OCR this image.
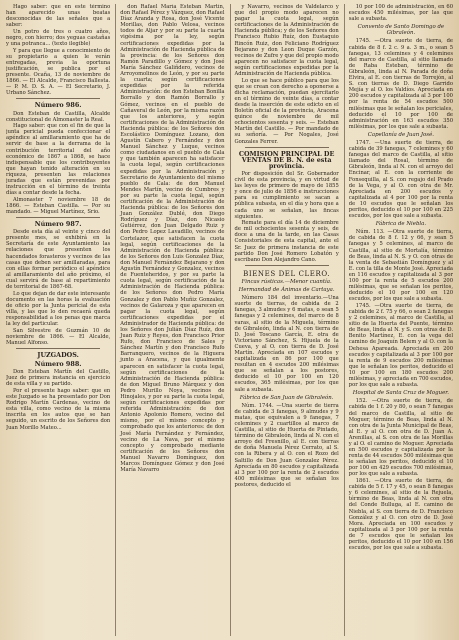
Hago saber: que en este término han aparecido unas beatas desconocidas de las señales que a saber:

Un potro de tres o cuatro años, negro, con hierro; dos yeguas castañas y una potranca... (texto ilegible)

Y para que llegue a conocimiento de su propietario a quien le verán entregadas, previa la oportuna justificación, se publica por el presente. Ocaña, 13 de noviembre de 1866. — El Alcalde, Francisco Ballesta. — P. M. D. S. A. — El Secretario, J. Urbano Sánchez.

Número 986.

Don Esteban de Castilla, Alcalde constitucional de Almonaster la Real.

Hago saber: que con el fin de que la junta pericial pueda confeccionar el apéndice al amillaramiento que ha de servir de base a la derrama de la contribución territorial del año económico de 1867 a 1868, se hace indispensable que los contribuyentes que hayan tenido alteración en su riqueza, presenten las relaciones juradas que están prevenidas por instrucción en el término de treinta días a contar desde la fecha.

Almonaster 7 noviembre 18 de 1866. — Esteban Castilla. — Por su mandado. — Miguel Martínez, Srio.

Número 987.

Desde esta día al veinte y cinco del presente mes, se exhibirá en la Secretaría de este Ayuntamiento las relaciones que presenten los hacendados forasteros y vecinos de las casas que deben ser amillaradas, para con ellas formar periódico el apéndice al amillaramiento del año próximo, el cual servirá de base al repartimiento de territorial de 1867-68.

Lo que dejan de dar este interesante documento en las horas la evaluación de oficio por la Junta pericial de esta villa, y las que lo den recaerá queda responsabilidad a los penas que marca la ley del particular.

San Silvestre de Guzmán 10 de noviembre de 1866. — El Alcalde, Manuel Alfonso.

JUZGADOS.

Número 988.

Don Esteban Martín del Castillo, Juez de primera instancia en ejercicio de esta villa y su partido.

Por el presente hago saber: que en este Juzgado se ha presentado por Don Rodrigo Martín Cárdenas, vecino de esta villa, como vecino de la misma inscrita en los autos que se han seguido, un escrito de los Señores don Juan Morillo Mateo...

don Rafael María Esteban Martín, don Rafael Pérez y Vázquez, don Rafael Díaz Aranda y Rosa, don José Vicente Morillas, don Pablo Velosa, vecinos todos de Aljar y por su parte la cuarta vigésima por la ley, según certificaciones expedidas por la Administración de Hacienda pública de la provincia: de los Señores don Ramón Paradillo y Gómez y don José María Sánchez Galiñdero, vecinos de Arroyomolinos de León, y por su parte la cuarta; según certificaciones expedidas por la referida Administración: de don Esteban Bonilla Borrallo y don Ramón Borrallo y Gómez, vecinos en el pueblo de Cañaveral de León, por la misma razón que los anteriores, y según certificaciones de la Administración de Hacienda pública: de los Señores don Escolástico Domínguez Lozano, don Agustín Cabero y Fernández y don Manuel Sánchez y Luque, vecinos como ciudadanos en el pueblo de Cala y que también aparecen ha satisfacer la cuota legal, según certificaciones expedidas por la Administración y Secretario de Ayuntamiento del mismo pueblo de Cala: de don Manuel Mendes Martín, vecino de Cumbres y por su parte la cuota legal, según certificación de la Administración de Hacienda pública: de los Señores don Juan González Dublé, don Diego Rodríguez y Díaz, don Nicasio Gutiérrez, don Juan Delgado Ruiz y don Pedro Lopez Lavadillo, vecinos de Cortelazor, que satisfacen la cuota legal, según certificaciones de la Administración de Hacienda pública: de los Señores don Luis Gonzalez Díaz, don Manuel Fernández Bejarano y don Agustín Fernández y Gonzalez, vecinos de Fuenteheridos, y por su parte la cuota legal, según certificación de la Administración de Hacienda pública: de los Señores don Pedro María Gonzalez y don Pablo Muñiz Gonzalez, vecinos de Galaroza y que aparecen en pagar la cuota legal, según certificaciones expedidas por el Administrador de Hacienda pública: de los Señores don Julián Díaz Ruíz, don Juan Ruiz y Reyes, don Francisco Prior Rufo, don Francisco de Sales y Sánchez Martín y don Francisco Rufo Barranquero, vecinos de la Higuera junto a Aracena, y que igualmente aparecen en satisfacer la cuota legal, según certificaciones de la Administración de Hacienda pública: de don Miguel Bruno Márquez y don Pedro Murillo Noya, vecinos de Hinojales, y por su parte la cuota legal, según certificaciones expedidas por referida Administración: de don Antonio Apolonio Romero, vecino del mismo, por el mismo concepto y comprobado que los anteriores: de don José María Fernández y Fernández, vecino de La Nava, por el mismo concepto y comprobado mediante certificación de los Señores don Manuel Navarro Domínguez, don Marcos Domínguez Gómez y don José María Navarro

y Navarro, vecinos de Valdelarco y que del propio modo aparecen no pagar la cuota legal, según certificaciones de la Administración de Hacienda pública; y de los Señores don Francisco Rubio Ruíz, don Eustaquio Rincón Ruiz, don Feliciano Rodríguez Bejarano y don Leon Duque Garzón, vecinos de Zufre y que del propio modo aparecen no satisfacer la cuota legal, según certificaciones expedidas por la Administración de Hacienda pública.

Lo que se hace público para que los que se crean con derecho a oponerse a dicha reclamación, puedan ejercitarlo en el término de veinte días, a contar desde la inserción de este edicto en el Boletín oficial de la provincia, Aracena quince de noviembre de mil ochocientos sesenta y seis. — Esteban Martín del Castillo. — Por mandado de su señoría. — Por Nogales, José Gonzales Ferrer.

COMISION PRINCIPAL DE VENTAS DE B. N. de esta provincia.

Por disposición del Sr. Gobernador civil de esta provincia, y en virtud de las leyes de primero de mayo de 1855 y once de julio de 1856 e instrucciones para su cumplimiento se sacan a pública subasta, en el día y hora que a cada uno se señalan, las fincas siguientes.

Remate para el día 14 de diciembre de mil ochocientos sesenta y seis, de doce a una de la tarde, en las Casas Consistoriales de esta capital, ante el Sr. Juez de primera instancia de este partido Don José Romero Lobatón y escribano Don Alejandro Cano.

BIENES DEL CLERO.

Fincas rústicas.—Menor cuantía.

Hermandad de Ánimas de Cartaya.

Número 184 del inventario.—Una suerte de tierras, de cabida de 2 fanegas, 3 almudes y 6 matas, o sean 5 fanegas y 2 celemines, del marco de 8 varas, al sitio de la Miguela, término de Gibraleón, linda al N. con tierra de D. José Toscano García, E. otra de Victoriano Sánchez, S. Hijuela de la Cueva, y al O. con tierra de D. José Martín. Aprecíada en 107 escudos y capitalizada en 86 por 100 que resultan en 4 escudos 200 milésimas que se señalan a los postores, deducido el 10 por 100 en 120 escudos, 365 milésimas, por los que sale a subasta.

Fábrica de San Juan de Gibraleón.

Núm. 1744. —Una suerte de tierra de cabida de 3 fanegas, 9 almudes y 9 matas, que equivalen a 9 fanegas, 7 celemines y 2 cuartillos al marco de Castilla, al sitio de Huerta de Pintado, término de Gibraleón, linda al N. con el arroyo del Fresnillo, al E. con tierras de doña Manuela Pérez Cerrato, al S. con la Ribera y al O. con el Rozo del Saltillo de Don Juan Gonzalez Pérez. Aprecíada en 80 escudos y capitalizada al 3 por 100 por la renta de 2 escudos 400 milésimas que se señalan los postores, deducido el

10 por 100 de administración, en 60 escudos 450 milésimas, por las que sale a subasta.

Convento de Santo Domingo de Gibraleón.

1745. —Otra suerte de tierra, de cabida de 8 f. 2 c. 9 a. 3 m., o sean 5 fanegas, 13 celemines y 4 celemines del marco de Castilla, al sitio llamado de Raba Esteban, término de Gibraleón, linda al N. Parada de doña Elvira, al E. con tierras de Torrejón, al S. con tierras de D. Diego Garrido Mejía y al O. los Valdíos. Apreciada en 200 escudos y capitalizada al 3 por 100 por la renta de 54 escudos 500 milésimas que le señalan los periciales, deducido el 10 por 100 de administración en 163 escudos 350 milésimas, por los que sale a subasta.

Capellanía de Juan José.

1747. —Una suerte de tierra, de cabida de 39 fanegas, 7 celemines y 60 fanegas del marco de Castilla, al sitio llamado del Rosal, término de Gibraleón, linda al N. con el arroyo del Encinar, al E. con la corriente de Fonsequilla, al S. con regajo del Prado de la Vega, y al O. con otra de Mr. Apreciada en 200 escudos y capitalizada al 4 por 100 por la renta de 10 escudos que le señalan los peritos, deducido el 10 por 100 en 225 escudos, por los que sale a subasta.

Fábrica de Niebla.

Núm. 113. —Otra suerte de tierra, de cabida de 8 f. 12 y 66, y sean 5 fanegas y 5 celemines, al marco de Castilla, al sitio de Mortalía, término de Beas, linda al N. S. y O. con otras de la venta de Sebastián Domínguez y al E. con la tilla de Monte José. Apreciada en 116 escudos y capitalizada al 3 por 100 por la renta de 5 escudos 200 milésimas, que se señalan los peritos, deducido el 10 por 100 en 120 escudos, por los que sale a subasta.

1745. —Otra suerte de tierra, de cabida de 2 f. 75 y 66, o sean 2 fanegas y 2 celemines, al marco de Castilla, al sitio de la Huerta del Puente, término de Beas, linda al N. y S. con otras de D. Benito Martínez, E. con la vega del camino de Joaquín Belem y al O. con la Dehesa Apareada. Apreciada en 200 escudos y capitalizada al 3 por 100 por la renta de 9 escudos 200 milésimas que le señalan los peritos, deducido el 10 por 100 en 180 escudos 200 milésimas, y apreciada en 700 escudos, por los que sale a subasta.

Hospital de Santa Cruz de Moguer.

152. —Otra suerte de tierra, de cabida de 1 f. 20 y 80, o sean 7 fanegas del marco de Castilla, al sitio de Moguer, término de Beas, linda al N. con otra de la Junta Municipal de Beas, al E. y al O. con otra de D. Juan A. Arenillas, al S. con otra de las Morillas y al O. el camino de Moguer. Apreciada en 500 escudos y capitalizada por la renta de 44 escudos 500 milésimas que le señalan los peritos, deducido el 10 por 100 en 429 escudos 700 milésimas, por los que sale a subasta.

1861. —Otra suerte de tierra, de cabida de 5 f. 17 y 45, o sean 8 fanegas y 6 celemines, al sitio de la Rejuela, término de Beas, linda al N. con otra del Conde Bulluga, al E. camino de Niebla, al S. con tierra de D. Francisco González y al O. con otro de D. José Mora. Apreciada en 100 escudos y capitalizada al 3 por 100 por la renta de 7 escudos que le señalan los peritos, deducido el 10 por 100 en 156 escudos, por los que sale a subasta.
